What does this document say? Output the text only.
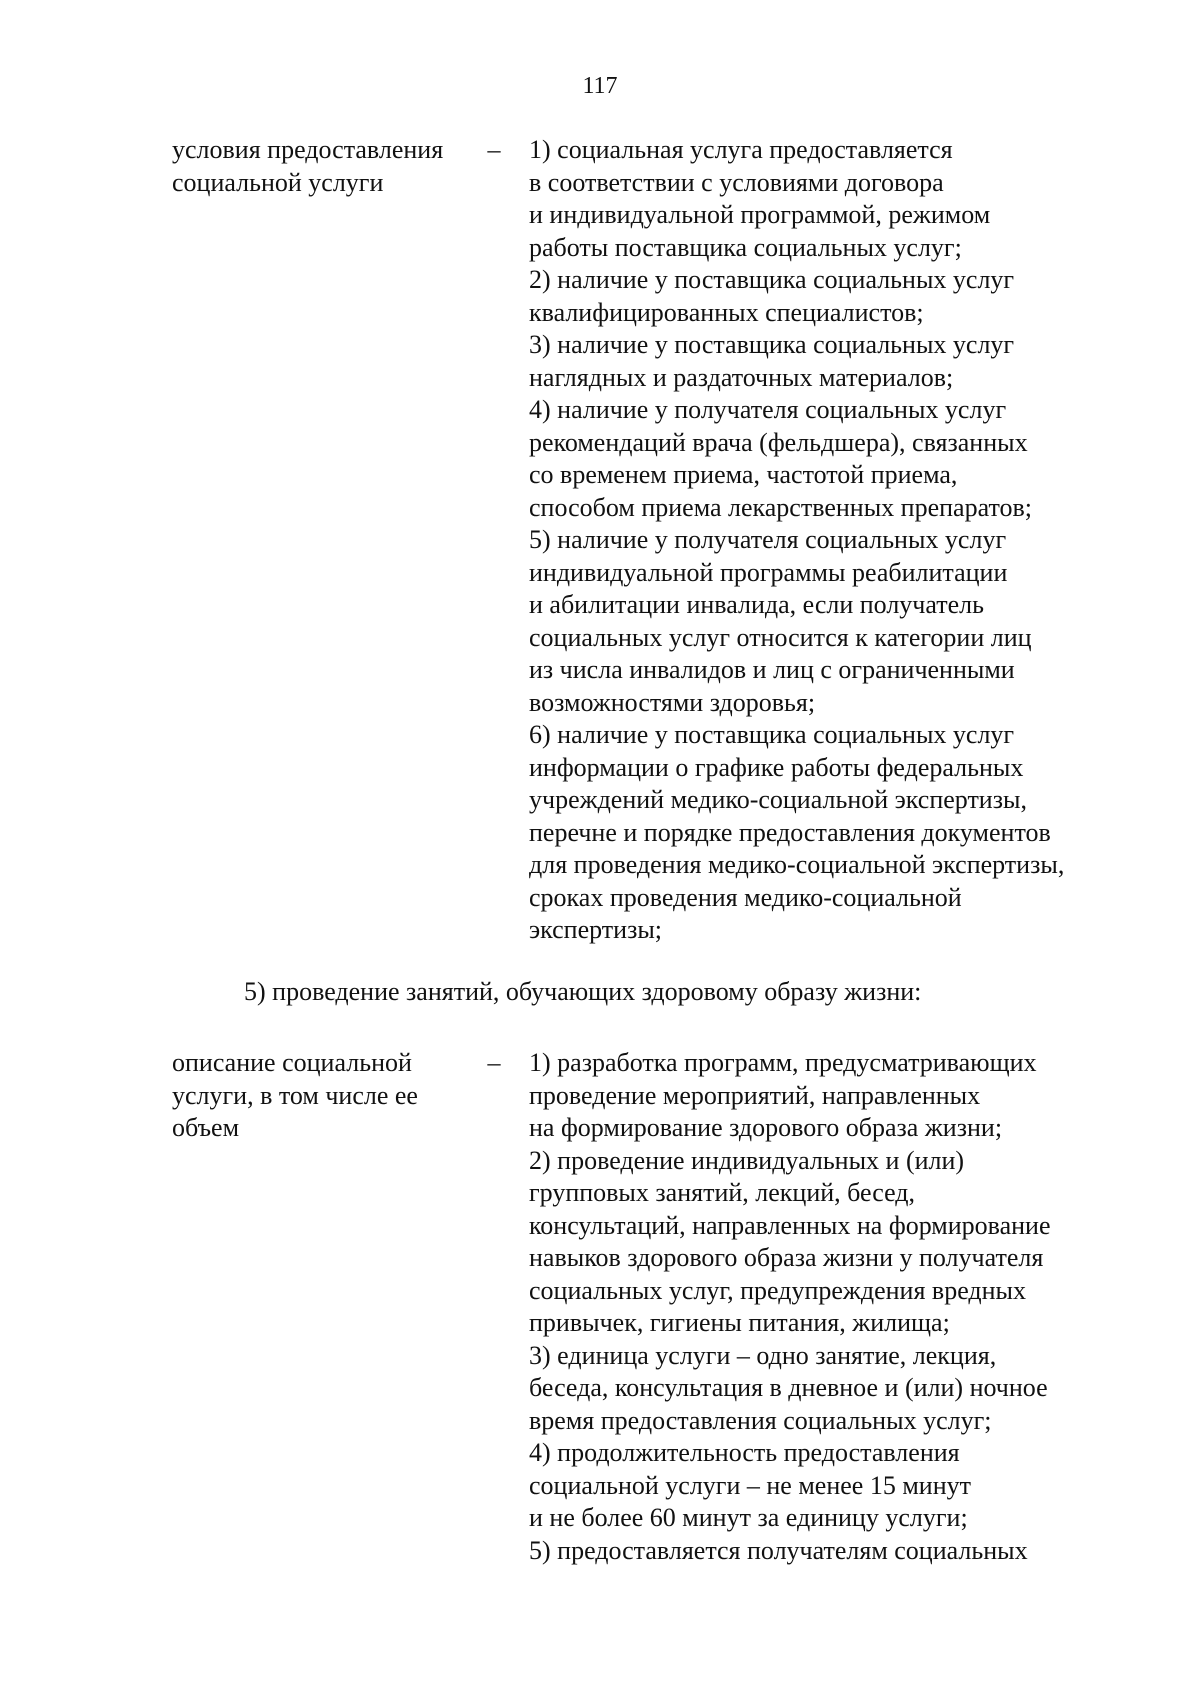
117
условия предоставления
социальной услуги
– 1) социальная услуга предоставляется
в соответствии с условиями договора
и индивидуальной программой, режимом
работы поставщика социальных услуг;
2) наличие у поставщика социальных услуг
квалифицированных специалистов;
3) наличие у поставщика социальных услуг
наглядных и раздаточных материалов;
4) наличие у получателя социальных услуг
рекомендаций врача (фельдшера), связанных
со временем приема, частотой приема,
способом приема лекарственных препаратов;
5) наличие у получателя социальных услуг
индивидуальной программы реабилитации
и абилитации инвалида, если получатель
социальных услуг относится к категории лиц
из числа инвалидов и лиц с ограниченными
возможностями здоровья;
6) наличие у поставщика социальных услуг
информации о графике работы федеральных
учреждений медико-социальной экспертизы,
перечне и порядке предоставления документов
для проведения медико-социальной экспертизы,
сроках проведения медико-социальной
экспертизы;
5) проведение занятий, обучающих здоровому образу жизни:
описание социальной
услуги, в том числе ее
объем
– 1) разработка программ, предусматривающих
проведение мероприятий, направленных
на формирование здорового образа жизни;
2) проведение индивидуальных и (или)
групповых занятий, лекций, бесед,
консультаций, направленных на формирование
навыков здорового образа жизни у получателя
социальных услуг, предупреждения вредных
привычек, гигиены питания, жилища;
3) единица услуги – одно занятие, лекция,
беседа, консультация в дневное и (или) ночное
время предоставления социальных услуг;
4) продолжительность предоставления
социальной услуги – не менее 15 минут
и не более 60 минут за единицу услуги;
5) предоставляется получателям социальных
